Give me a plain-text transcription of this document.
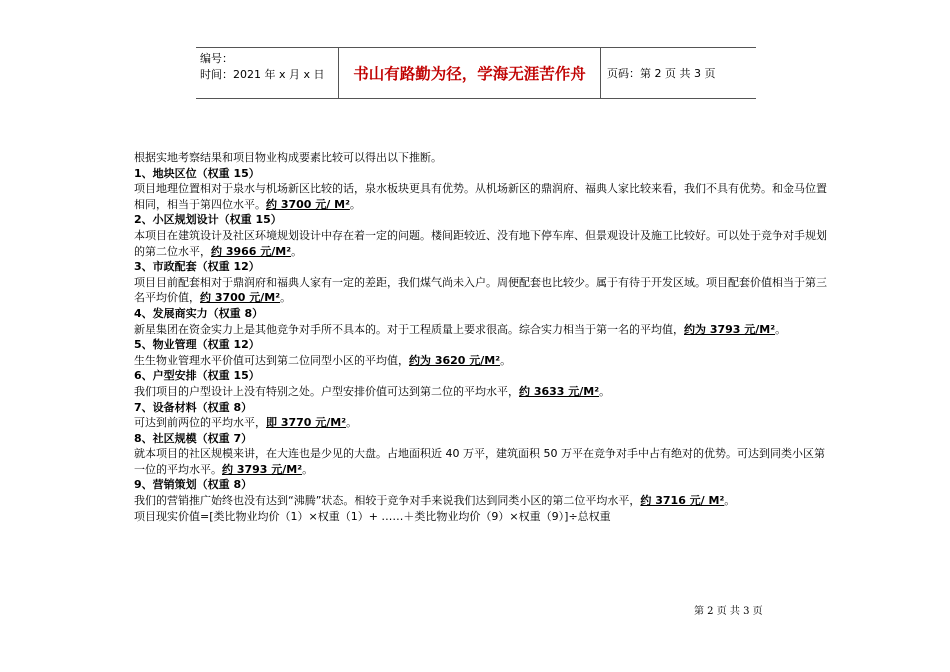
编号：
时间：2021 年 x 月 x 日	书山有路勤为径，学海无涯苦作舟	页码：第 2 页 共 3 页

根据实地考察结果和项目物业构成要素比较可以得出以下推断。

1、地块区位（权重 15）

项目地理位置相对于泉水与机场新区比较的话，泉水板块更具有优势。从机场新区的鼎润府、福典人家比较来看，我们不具有优势。和金马位置相同，相当于第四位水平。约 3700 元/ M²。

2、小区规划设计（权重 15）

本项目在建筑设计及社区环境规划设计中存在着一定的问题。楼间距较近、没有地下停车库、但景观设计及施工比较好。可以处于竞争对手规划的第二位水平，约 3966 元/M²。

3、市政配套（权重 12）

项目目前配套相对于鼎润府和福典人家有一定的差距，我们煤气尚未入户。周便配套也比较少。属于有待于开发区域。项目配套价值相当于第三名平均价值，约 3700 元/M²。

4、发展商实力（权重 8）

新星集团在资金实力上是其他竞争对手所不具本的。对于工程质量上要求很高。综合实力相当于第一名的平均值，约为 3793 元/M²。

5、物业管理（权重 12）

生生物业管理水平价值可达到第二位同型小区的平均值，约为 3620 元/M²。

6、户型安排（权重 15）

我们项目的户型设计上没有特别之处。户型安排价值可达到第二位的平均水平，约 3633 元/M²。

7、设备材料（权重 8）

可达到前两位的平均水平，即 3770 元/M²。

8、社区规模（权重 7）

就本项目的社区规模来讲，在大连也是少见的大盘。占地面积近 40 万平，建筑面积 50 万平在竞争对手中占有绝对的优势。可达到同类小区第一位的平均水平。约 3793 元/M²。

9、营销策划（权重 8）

我们的营销推广始终也没有达到“沸腾”状态。相较于竞争对手来说我们达到同类小区的第二位平均水平，约 3716 元/ M²。

项目现实价值=[类比物业均价（1）×权重（1）+ ……＋类比物业均价（9）×权重（9）]÷总权重

第 2 页 共 3 页
